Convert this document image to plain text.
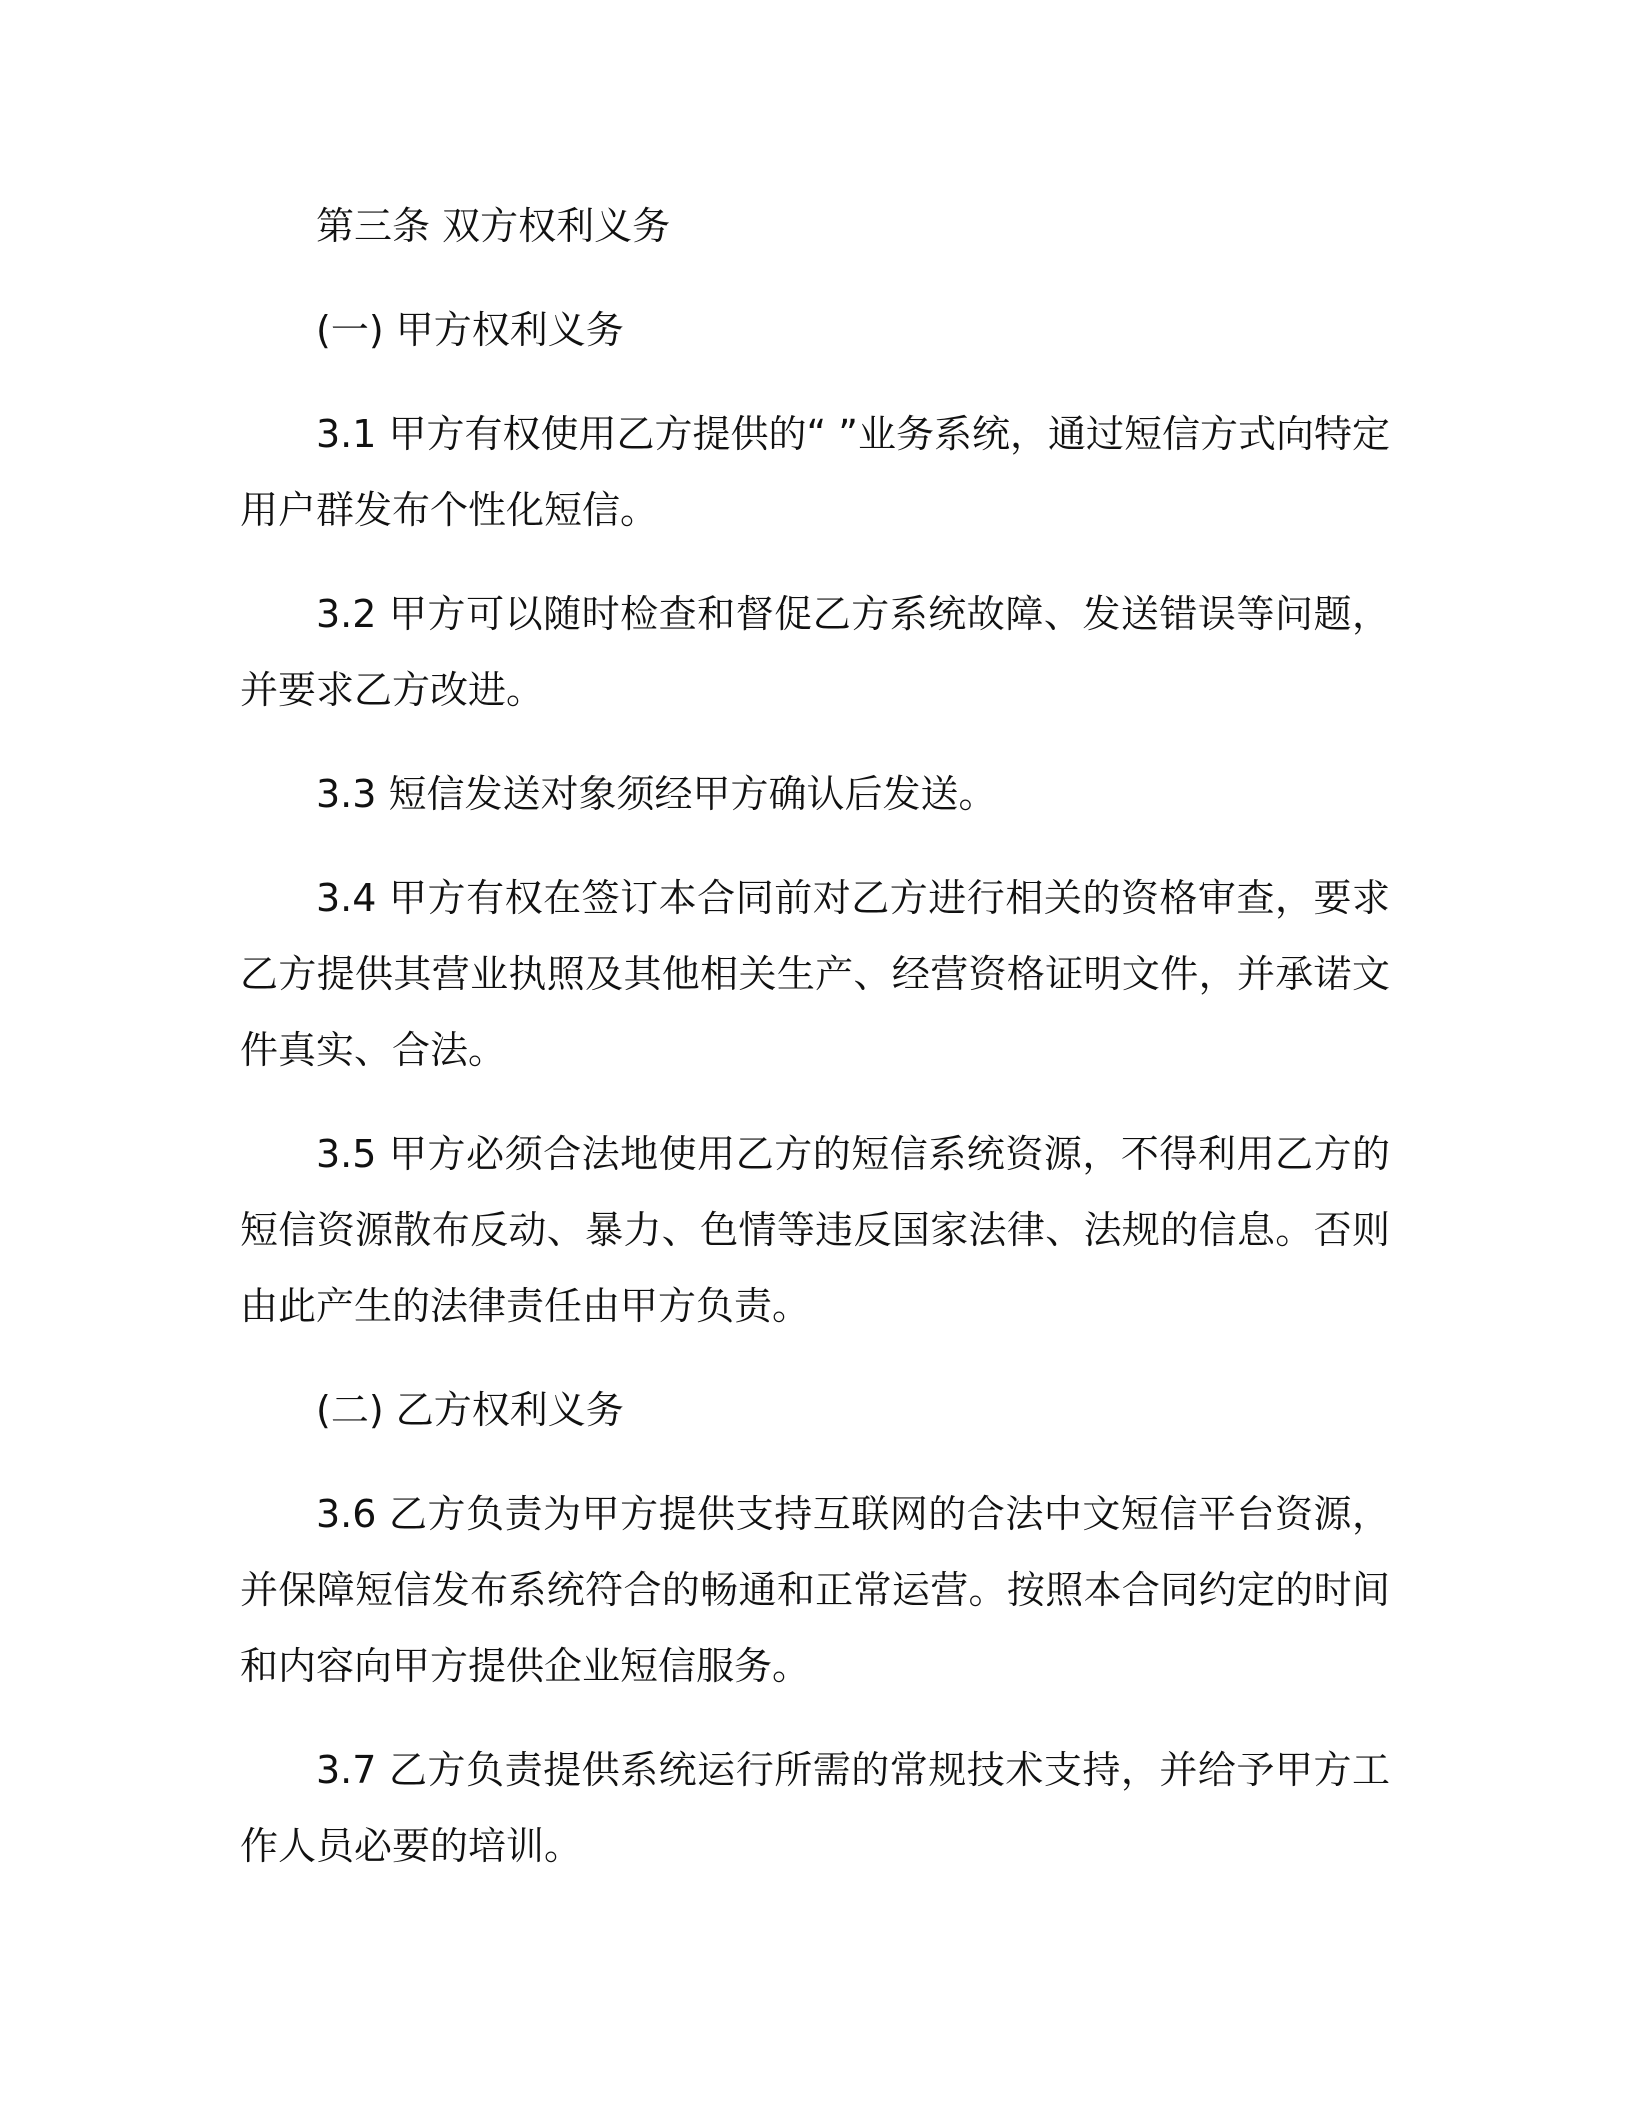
第三条 双方权利义务

(一) 甲方权利义务

3.1 甲方有权使用乙方提供的“ ”业务系统，通过短信方式向特定用户群发布个性化短信。

3.2 甲方可以随时检查和督促乙方系统故障、发送错误等问题，并要求乙方改进。

3.3 短信发送对象须经甲方确认后发送。

3.4 甲方有权在签订本合同前对乙方进行相关的资格审查，要求乙方提供其营业执照及其他相关生产、经营资格证明文件，并承诺文件真实、合法。

3.5 甲方必须合法地使用乙方的短信系统资源，不得利用乙方的短信资源散布反动、暴力、色情等违反国家法律、法规的信息。否则由此产生的法律责任由甲方负责。

(二) 乙方权利义务

3.6 乙方负责为甲方提供支持互联网的合法中文短信平台资源，并保障短信发布系统符合的畅通和正常运营。按照本合同约定的时间和内容向甲方提供企业短信服务。

3.7 乙方负责提供系统运行所需的常规技术支持，并给予甲方工作人员必要的培训。
